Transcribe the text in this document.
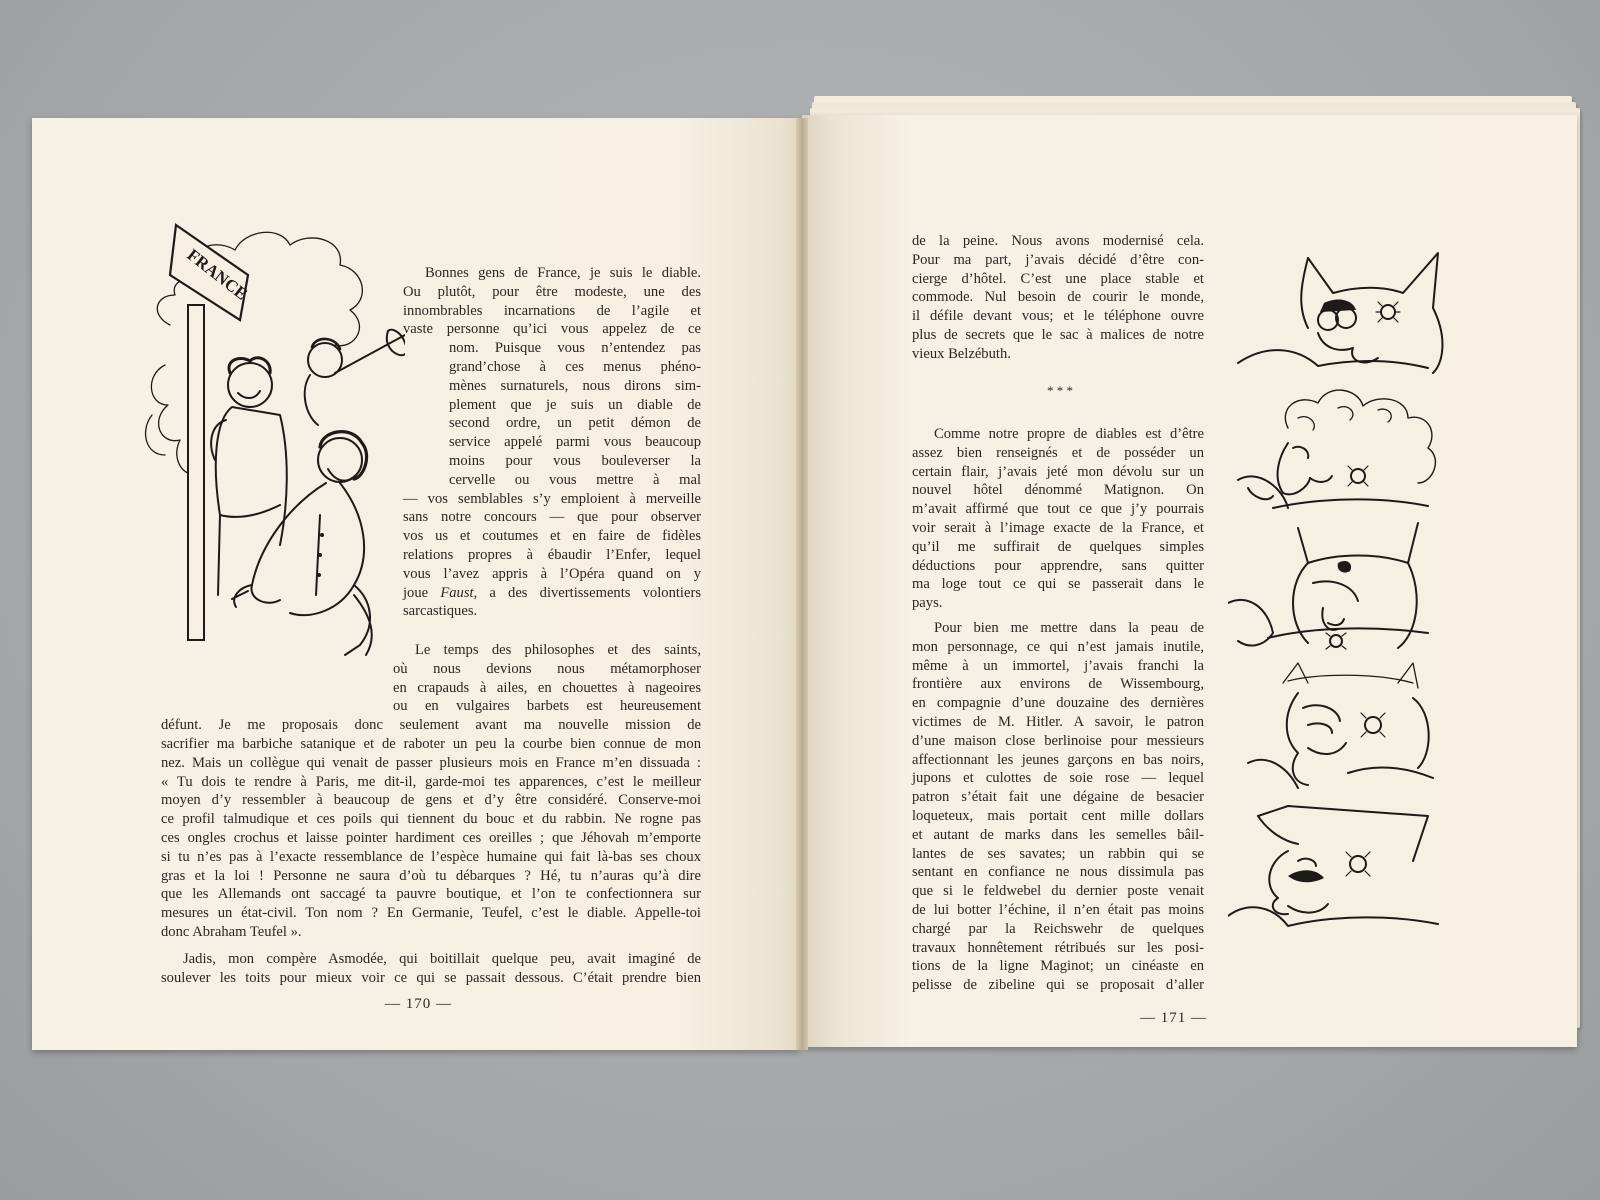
FRANCE	Bonnes gens de France, je suis le diable.
Ou plutôt, pour être modeste, une des
innombrables incarnations de l’agile et
vaste personne qu’ici vous appelez de ce
nom. Puisque vous n’entendez pas
grand’chose à ces menus phéno-
mènes surnaturels, nous dirons sim-
plement que je suis un diable de
second ordre, un petit démon de
service appelé parmi vous beaucoup
moins pour vous bouleverser la
cervelle ou vous mettre à mal
— vos semblables s’y emploient à merveille
sans notre concours — que pour observer
vos us et coutumes et en faire de fidèles
relations propres à ébaudir l’Enfer, lequel
vous l’avez appris à l’Opéra quand on y
joue Faust, a des divertissements volontiers
sarcastiques.
Le temps des philosophes et des saints,
où nous devions nous métamorphoser
en crapauds à ailes, en chouettes à nageoires
ou en vulgaires barbets est heureusement
défunt. Je me proposais donc seulement avant ma nouvelle mission de
sacrifier ma barbiche satanique et de raboter un peu la courbe bien connue de mon
nez. Mais un collègue qui venait de passer plusieurs mois en France m’en dissuada :
« Tu dois te rendre à Paris, me dit-il, garde-moi tes apparences, c’est le meilleur
moyen d’y ressembler à beaucoup de gens et d’y être considéré. Conserve-moi
ce profil talmudique et ces poils qui tiennent du bouc et du rabbin. Ne rogne pas
ces ongles crochus et laisse pointer hardiment ces oreilles ; que Jéhovah m’emporte
si tu n’es pas à l’exacte ressemblance de l’espèce humaine qui fait là-bas ses choux
gras et la loi ! Personne ne saura d’où tu débarques ? Hé, tu n’auras qu’à dire
que les Allemands ont saccagé ta pauvre boutique, et l’on te confectionnera sur
mesures un état-civil. Ton nom ? En Germanie, Teufel, c’est le diable. Appelle-toi
donc Abraham Teufel ».
Jadis, mon compère Asmodée, qui boitillait quelque peu, avait imaginé de
soulever les toits pour mieux voir ce qui se passait dessous. C’était prendre bien
— 170 —
de la peine. Nous avons modernisé cela.
Pour ma part, j’avais décidé d’être con-
cierge d’hôtel. C’est une place stable et
commode. Nul besoin de courir le monde,
il défile devant vous; et le téléphone ouvre
plus de secrets que le sac à malices de notre
vieux Belzébuth.
* * *
Comme notre propre de diables est d’être
assez bien renseignés et de posséder un
certain flair, j’avais jeté mon dévolu sur un
nouvel hôtel dénommé Matignon. On
m’avait affirmé que tout ce que j’y pourrais
voir serait à l’image exacte de la France, et
qu’il me suffirait de quelques simples
déductions pour apprendre, sans quitter
ma loge tout ce qui se passerait dans le
pays.
Pour bien me mettre dans la peau de
mon personnage, ce qui n’est jamais inutile,
même à un immortel, j’avais franchi la
frontière aux environs de Wissembourg,
en compagnie d’une douzaine des dernières
victimes de M. Hitler. A savoir, le patron
d’une maison close berlinoise pour messieurs
affectionnant les jeunes garçons en bas noirs,
jupons et culottes de soie rose — lequel
patron s’était fait une dégaine de besacier
loqueteux, mais portait cent mille dollars
et autant de marks dans les semelles bâil-
lantes de ses savates; un rabbin qui se
sentant en confiance ne nous dissimula pas
que si le feldwebel du dernier poste venait
de lui botter l’échine, il n’en était pas moins
chargé par la Reichswehr de quelques
travaux honnêtement rétribués sur les posi-
tions de la ligne Maginot; un cinéaste en
pelisse de zibeline qui se proposait d’aller
— 171 —
